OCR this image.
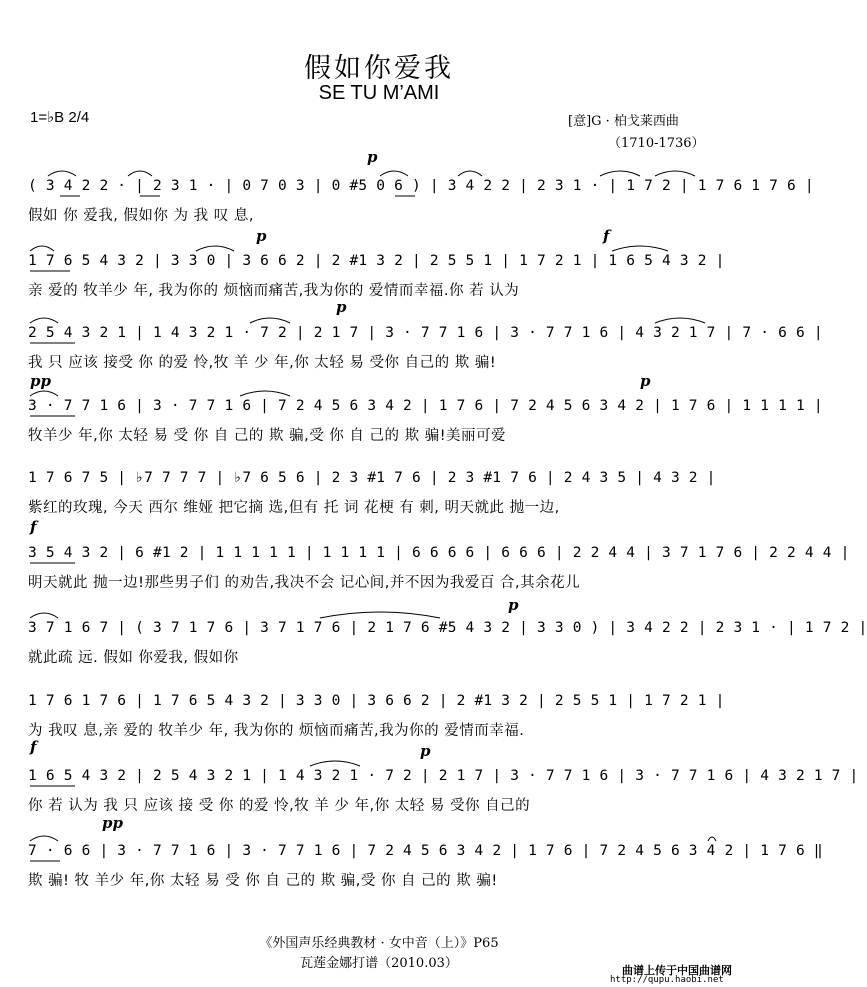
假如你爱我
SE TU M’AMI
1=♭B 2/4	[意]G · 柏戈莱西曲
（1710-1736）
p
p	f
p
pp	p
f
p
f	p
pp
( 3 4 2 2 · | 2 3 1 · | 0 7 0 3 | 0 #5 0 6 ) | 3 4 2 2 | 2 3 1 · | 1 7 2 | 1 7 6 1 7 6 |
假如 你 爱我, 假如你 为 我 叹 息,
1 7 6 5 4 3 2 | 3 3 0 | 3 6 6 2 | 2 #1 3 2 | 2 5 5 1 | 1 7 2 1 | 1 6 5 4 3 2 |
亲 爱的 牧羊少 年, 我为你的 烦恼而痛苦,我为你的 爱情而幸福.你 若 认为
2 5 4 3 2 1 | 1 4 3 2 1 · 7 2 | 2 1 7 | 3 · 7 7 1 6 | 3 · 7 7 1 6 | 4 3 2 1 7 | 7 · 6 6 |
我 只 应该 接受 你 的爱 怜,牧 羊 少 年,你 太轻 易 受你 自己的 欺 骗!
3 · 7 7 1 6 | 3 · 7 7 1 6 | 7 2 4 5 6 3 4 2 | 1 7 6 | 7 2 4 5 6 3 4 2 | 1 7 6 | 1 1 1 1 |
牧羊少 年,你 太轻 易 受 你 自 己的 欺 骗,受 你 自 己的 欺 骗!美丽可爱
1 7 6 7 5 | ♭7 7 7 7 | ♭7 6 5 6 | 2 3 #1 7 6 | 2 3 #1 7 6 | 2 4 3 5 | 4 3 2 |
紫红的玫瑰, 今天 西尔 维娅 把它摘 选,但有 托 词 花梗 有 刺, 明天就此 抛一边,
3 5 4 3 2 | 6 #1 2 | 1 1 1 1 1 | 1 1 1 1 | 6 6 6 6 | 6 6 6 | 2 2 4 4 | 3 7 1 7 6 | 2 2 4 4 |
明天就此 抛一边!那些男子们 的劝告,我决不会 记心间,并不因为我爱百 合,其余花儿
3 7 1 6 7 | ( 3 7 1 7 6 | 3 7 1 7 6 | 2 1 7 6 #5 4 3 2 | 3 3 0 ) | 3 4 2 2 | 2 3 1 · | 1 7 2 |
就此疏 远. 假如 你爱我, 假如你
1 7 6 1 7 6 | 1 7 6 5 4 3 2 | 3 3 0 | 3 6 6 2 | 2 #1 3 2 | 2 5 5 1 | 1 7 2 1 |
为 我叹 息,亲 爱的 牧羊少 年, 我为你的 烦恼而痛苦,我为你的 爱情而幸福.
1 6 5 4 3 2 | 2 5 4 3 2 1 | 1 4 3 2 1 · 7 2 | 2 1 7 | 3 · 7 7 1 6 | 3 · 7 7 1 6 | 4 3 2 1 7 |
你 若 认为 我 只 应该 接 受 你 的爱 怜,牧 羊 少 年,你 太轻 易 受你 自己的
7 · 6 6 | 3 · 7 7 1 6 | 3 · 7 7 1 6 | 7 2 4 5 6 3 4 2 | 1 7 6 | 7 2 4 5 6 3 4 2 | 1 7 6 ‖
欺 骗! 牧 羊少 年,你 太轻 易 受 你 自 己的 欺 骗,受 你 自 己的 欺 骗!
《外国声乐经典教材 · 女中音（上）》P65
瓦莲金娜打谱（2010.03）	曲谱上传于中国曲谱网
http://qupu.haobi.net
